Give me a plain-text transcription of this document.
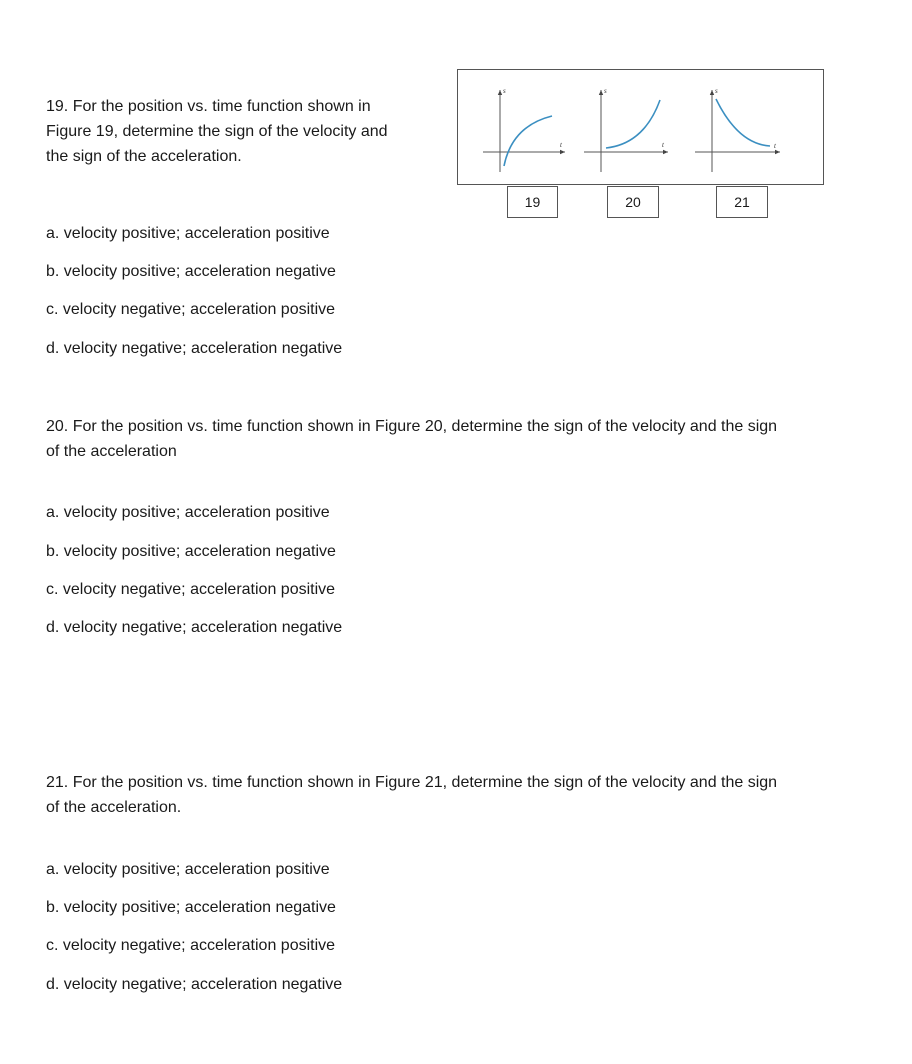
19. For the position vs. time function shown in
Figure 19, determine the sign of the velocity and
the sign of the acceleration.

s
t
s
t
s
t
19	20	21

a. velocity positive; acceleration positive

b. velocity positive; acceleration negative

c. velocity negative; acceleration positive

d. velocity negative; acceleration negative

20. For the position vs. time function shown in Figure 20, determine the sign of the velocity and the sign
of the acceleration

a. velocity positive; acceleration positive

b. velocity positive; acceleration negative

c. velocity negative; acceleration positive

d. velocity negative; acceleration negative

21. For the position vs. time function shown in Figure 21, determine the sign of the velocity and the sign
of the acceleration.

a. velocity positive; acceleration positive

b. velocity positive; acceleration negative

c. velocity negative; acceleration positive

d. velocity negative; acceleration negative
